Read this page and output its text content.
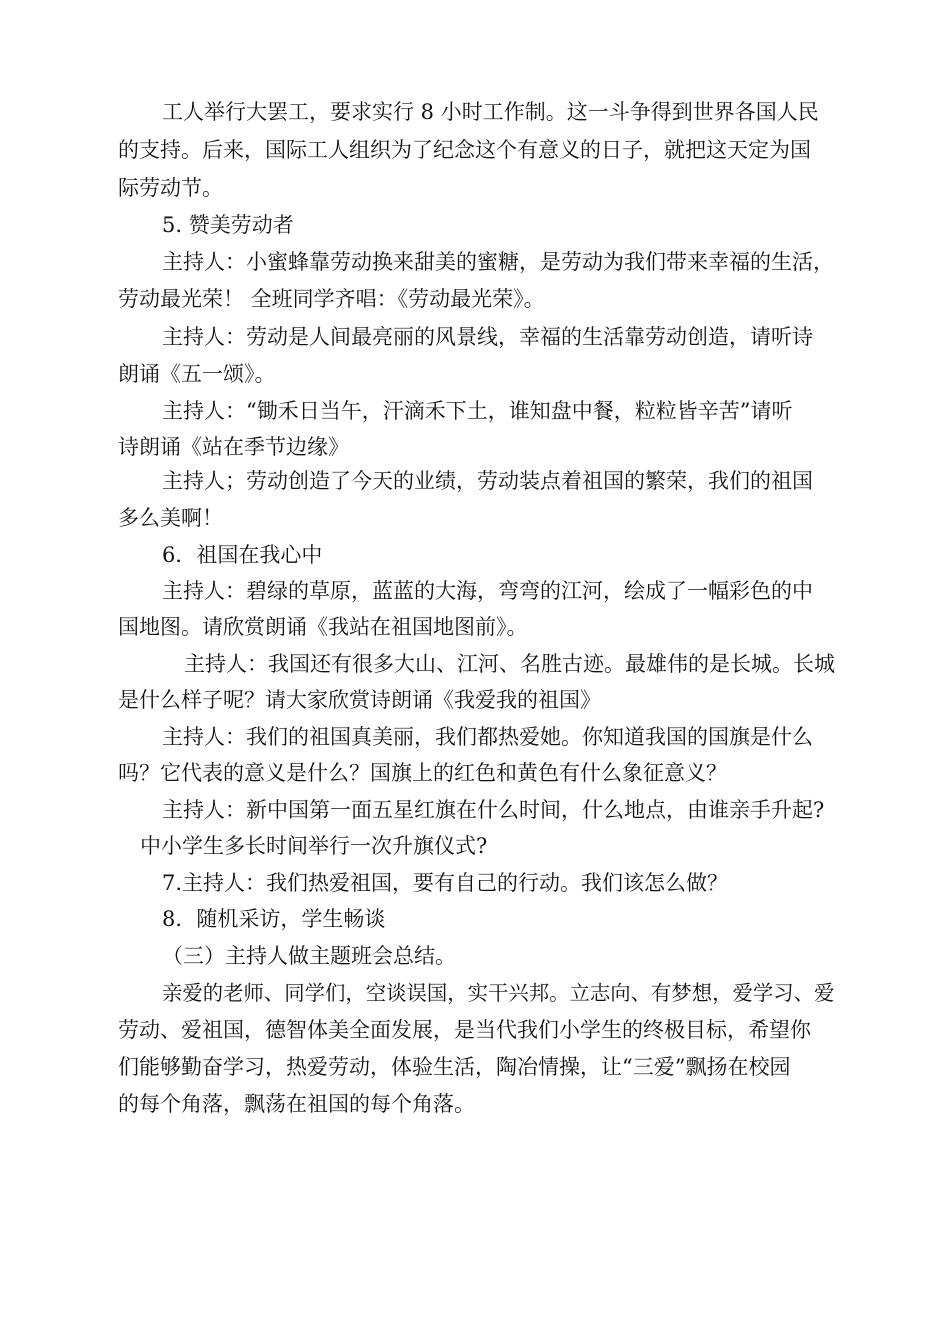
工人举行大罢工，要求实行 8 小时工作制。这一斗争得到世界各国人民
的支持。后来，国际工人组织为了纪念这个有意义的日子，就把这天定为国
际劳动节。
5. 赞美劳动者
主持人：小蜜蜂靠劳动换来甜美的蜜糖，是劳动为我们带来幸福的生活，
劳动最光荣！ 全班同学齐唱：《劳动最光荣》。
主持人：劳动是人间最亮丽的风景线，幸福的生活靠劳动创造，请听诗
朗诵《五一颂》。
主持人：“锄禾日当午，汗滴禾下土，谁知盘中餐，粒粒皆辛苦”请听
诗朗诵《站在季节边缘》
主持人；劳动创造了今天的业绩，劳动装点着祖国的繁荣，我们的祖国
多么美啊！
6．祖国在我心中
主持人：碧绿的草原，蓝蓝的大海，弯弯的江河，绘成了一幅彩色的中
国地图。请欣赏朗诵《我站在祖国地图前》。
主持人：我国还有很多大山、江河、名胜古迹。最雄伟的是长城。长城
是什么样子呢？请大家欣赏诗朗诵《我爱我的祖国》
主持人：我们的祖国真美丽，我们都热爱她。你知道我国的国旗是什么
吗？它代表的意义是什么？国旗上的红色和黄色有什么象征意义？
主持人：新中国第一面五星红旗在什么时间，什么地点，由谁亲手升起?
中小学生多长时间举行一次升旗仪式?
7.主持人：我们热爱祖国，要有自己的行动。我们该怎么做？
8．随机采访，学生畅谈
（三）主持人做主题班会总结。
亲爱的老师、同学们，空谈误国，实干兴邦。立志向、有梦想，爱学习、爱
劳动、爱祖国，德智体美全面发展，是当代我们小学生的终极目标，希望你
们能够勤奋学习，热爱劳动，体验生活，陶冶情操，让“三爱”飘扬在校园
的每个角落，飘荡在祖国的每个角落。
